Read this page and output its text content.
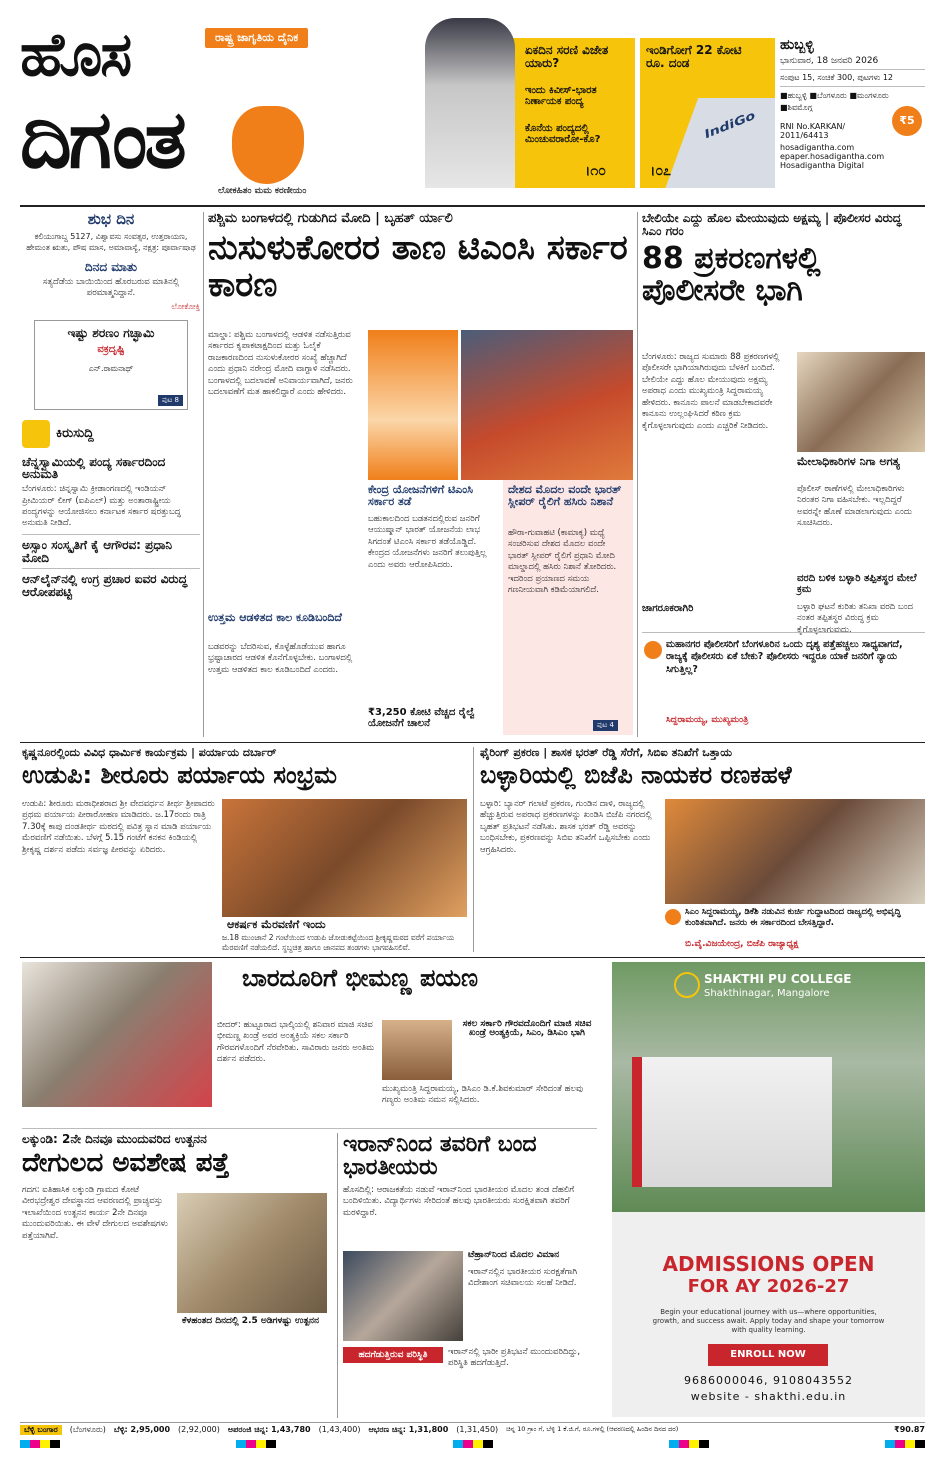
ಹೊಸ	ರಾಷ್ಟ್ರ ಜಾಗೃತಿಯ ದೈನಿಕ
ದಿಗಂತ
ಲೋಕಹಿತಂ ಮಮ ಕರಣೀಯಂ
ಏಕದಿನ ಸರಣಿ ವಿಜೇತ ಯಾರು?
ಇಂದು ಕಿವೀಸ್-ಭಾರತ ನಿರ್ಣಾಯಕ ಪಂದ್ಯ
ಕೊನೆಯ ಪಂದ್ಯದಲ್ಲಿ ಮಿಂಚುವರಾರೋ-ಕೊ?
।೧೦
ಇಂಡಿಗೋಗೆ 22 ಕೋಟಿ ರೂ. ದಂಡ
IndiGo
।೦೭
ಹುಬ್ಬಳ್ಳಿ
ಭಾನುವಾರ, 18 ಜನವರಿ 2026
ಸಂಪುಟ 15, ಸಂಚಿಕೆ 300, ಪುಟಗಳು 12
■ಹುಬ್ಬಳ್ಳಿ ■ಬೆಂಗಳೂರು ■ಮಂಗಳೂರು ■ಶಿವಮೊಗ್ಗ
₹5
RNI No.KARKAN/ 2011/64413
hosadigantha.com
epaper.hosadigantha.com
Hosadigantha Digital
ಶುಭ ದಿನ
ಕಲಿಯುಗಾಬ್ದ 5127, ವಿಶ್ವಾವಸು ಸಂವತ್ಸರ, ಉತ್ತರಾಯಣ, ಹೇಮಂತ ಋತು, ಪೌಷ ಮಾಸ, ಅಮಾವಾಸ್ಯೆ, ನಕ್ಷತ್ರ: ಪೂರ್ವಾಷಾಢ
ದಿನದ ಮಾತು
ಸತ್ಯದೆಡೆಯ ಬಾಯಿಯಿಂದ ಹೊರಬರುವ ಮಾತಿನಲ್ಲಿ ಪರಮಾತ್ಮನಿದ್ದಾನೆ.
ಲೋಕೋಕ್ತಿ
ಇಷ್ಟು ಶರಣಂ ಗಚ್ಛಾಮಿ
ವಕ್ರದೃಷ್ಟಿ
ಎನ್.ರಾಮನಾಥ್
ಪುಟ 8
ಕಿರುಸುದ್ದಿ
ಚೆನ್ನಸ್ವಾಮಿಯಲ್ಲಿ ಪಂದ್ಯ ಸರ್ಕಾರದಿಂದ ಅನುಮತಿ
ಬೆಂಗಳೂರು: ಚಿನ್ನಸ್ವಾಮಿ ಕ್ರೀಡಾಂಗಣದಲ್ಲಿ ಇಂಡಿಯನ್ ಪ್ರೀಮಿಯರ್ ಲೀಗ್ (ಐಪಿಎಲ್) ಮತ್ತು ಅಂತಾರಾಷ್ಟ್ರೀಯ ಪಂದ್ಯಗಳನ್ನು ಆಯೋಜಿಸಲು ಕರ್ನಾಟಕ ಸರ್ಕಾರ ಷರತ್ತುಬದ್ಧ ಅನುಮತಿ ನೀಡಿದೆ.
ಅಸ್ಸಾಂ ಸಂಸ್ಕೃತಿಗೆ ಕೈ ಆಗೌರವ: ಪ್ರಧಾನಿ ಮೋದಿ
ಆನ್‌ಲೈನ್‌ನಲ್ಲಿ ಉಗ್ರ ಪ್ರಚಾರ ಐವರ ವಿರುದ್ಧ ಆರೋಪಪಟ್ಟಿ
ಪಶ್ಚಿಮ ಬಂಗಾಳದಲ್ಲಿ ಗುಡುಗಿದ ಮೋದಿ | ಬೃಹತ್ ರ್ಯಾಲಿ
ನುಸುಳುಕೋರರ ತಾಣ ಟಿಎಂಸಿ ಸರ್ಕಾರ ಕಾರಣ
ಮಾಲ್ಡಾ: ಪಶ್ಚಿಮ ಬಂಗಾಳದಲ್ಲಿ ಆಡಳಿತ ನಡೆಸುತ್ತಿರುವ ಸರ್ಕಾರದ ಕೃಪಾಕಟಾಕ್ಷದಿಂದ ಮತ್ತು ಓಲೈಕೆ ರಾಜಕಾರಣದಿಂದ ನುಸುಳುಕೋರರ ಸಂಖ್ಯೆ ಹೆಚ್ಚಾಗಿದೆ ಎಂದು ಪ್ರಧಾನಿ ನರೇಂದ್ರ ಮೋದಿ ವಾಗ್ದಾಳಿ ನಡೆಸಿದರು. ಬಂಗಾಳದಲ್ಲಿ ಬದಲಾವಣೆ ಅನಿವಾರ್ಯವಾಗಿದೆ, ಜನರು ಬದಲಾವಣೆಗೆ ಮತ ಹಾಕಲಿದ್ದಾರೆ ಎಂದು ಹೇಳಿದರು.
ಕೇಂದ್ರ ಯೋಜನೆಗಳಿಗೆ ಟಿಎಂಸಿ ಸರ್ಕಾರ ತಡೆ
ಬಹುಕಾಲದಿಂದ ಬಡತನದಲ್ಲಿರುವ ಜನರಿಗೆ ಆಯುಷ್ಮಾನ್ ಭಾರತ್ ಯೋಜನೆಯ ಲಾಭ ಸಿಗದಂತೆ ಟಿಎಂಸಿ ಸರ್ಕಾರ ತಡೆಯೊಡ್ಡಿದೆ. ಕೇಂದ್ರದ ಯೋಜನೆಗಳು ಜನರಿಗೆ ತಲುಪುತ್ತಿಲ್ಲ ಎಂದು ಅವರು ಆರೋಪಿಸಿದರು.
ದೇಶದ ಮೊದಲ ವಂದೇ ಭಾರತ್ ಸ್ಲೀಪರ್ ರೈಲಿಗೆ ಹಸಿರು ನಿಶಾನೆ
ಹೌರಾ-ಗುವಾಹಟಿ (ಕಾಮಾಕ್ಯ) ಮಧ್ಯೆ ಸಂಚರಿಸುವ ದೇಶದ ಮೊದಲ ವಂದೇ ಭಾರತ್ ಸ್ಲೀಪರ್ ರೈಲಿಗೆ ಪ್ರಧಾನಿ ಮೋದಿ ಮಾಲ್ಡಾದಲ್ಲಿ ಹಸಿರು ನಿಶಾನೆ ತೋರಿದರು. ಇದರಿಂದ ಪ್ರಯಾಣದ ಸಮಯ ಗಣನೀಯವಾಗಿ ಕಡಿಮೆಯಾಗಲಿದೆ.
ಉತ್ತಮ ಆಡಳಿತದ ಕಾಲ ಕೂಡಿಬಂದಿದೆ
ಬಡವರನ್ನು ಬೆದರಿಸುವ, ಕೊಳ್ಳೆಹೊಡೆಯುವ ಹಾಗೂ ಭ್ರಷ್ಟಾಚಾರದ ಆಡಳಿತ ಕೊನೆಗೊಳ್ಳಬೇಕು. ಬಂಗಾಳದಲ್ಲಿ ಉತ್ತಮ ಆಡಳಿತದ ಕಾಲ ಕೂಡಿಬಂದಿದೆ ಎಂದರು.
₹3,250 ಕೋಟಿ ವೆಚ್ಚದ ರೈಲ್ವೆ ಯೋಜನೆಗೆ ಚಾಲನೆ	ಪುಟ 4
ಬೇಲಿಯೇ ಎದ್ದು ಹೊಲ ಮೇಯುವುದು ಅಕ್ಷಮ್ಯ | ಪೊಲೀಸರ ವಿರುದ್ಧ ಸಿಎಂ ಗರಂ
88 ಪ್ರಕರಣಗಳಲ್ಲಿ ಪೊಲೀಸರೇ ಭಾಗಿ
ಬೆಂಗಳೂರು: ರಾಜ್ಯದ ಸುಮಾರು 88 ಪ್ರಕರಣಗಳಲ್ಲಿ ಪೊಲೀಸರೇ ಭಾಗಿಯಾಗಿರುವುದು ಬೆಳಕಿಗೆ ಬಂದಿದೆ. ಬೇಲಿಯೇ ಎದ್ದು ಹೊಲ ಮೇಯುವುದು ಅಕ್ಷಮ್ಯ ಅಪರಾಧ ಎಂದು ಮುಖ್ಯಮಂತ್ರಿ ಸಿದ್ದರಾಮಯ್ಯ ಹೇಳಿದರು. ಕಾನೂನು ಪಾಲನೆ ಮಾಡಬೇಕಾದವರೇ ಕಾನೂನು ಉಲ್ಲಂಘಿಸಿದರೆ ಕಠಿಣ ಕ್ರಮ ಕೈಗೊಳ್ಳಲಾಗುವುದು ಎಂದು ಎಚ್ಚರಿಕೆ ನೀಡಿದರು.
ಮೇಲಾಧಿಕಾರಿಗಳ ನಿಗಾ ಅಗತ್ಯ
ಪೊಲೀಸ್ ಠಾಣೆಗಳಲ್ಲಿ ಮೇಲಾಧಿಕಾರಿಗಳು ನಿರಂತರ ನಿಗಾ ವಹಿಸಬೇಕು. ಇಲ್ಲದಿದ್ದರೆ ಅವರನ್ನೇ ಹೊಣೆ ಮಾಡಲಾಗುವುದು ಎಂದು ಸೂಚಿಸಿದರು.
ವರದಿ ಬಳಿಕ ಬಳ್ಳಾರಿ ತಪ್ಪಿತಸ್ಥರ ಮೇಲೆ ಕ್ರಮ
ಬಳ್ಳಾರಿ ಘಟನೆ ಕುರಿತು ತನಿಖಾ ವರದಿ ಬಂದ ನಂತರ ತಪ್ಪಿತಸ್ಥರ ವಿರುದ್ಧ ಕ್ರಮ ಕೈಗೊಳ್ಳಲಾಗುವುದು.
ಜಾಗರೂಕರಾಗಿರಿ
ಮಹಾನಗರ ಪೊಲೀಸರಿಗೆ ಬೆಂಗಳೂರಿನ ಒಂದು ದೃಶ್ಯ ಪತ್ತೆಹಚ್ಚಲು ಸಾಧ್ಯವಾಗದೆ, ರಾಜ್ಯಕ್ಕೆ ಪೊಲೀಸರು ಏಕೆ ಬೇಕು? ಪೊಲೀಸರು ಇದ್ದರೂ ಯಾಕೆ ಜನರಿಗೆ ನ್ಯಾಯ ಸಿಗುತ್ತಿಲ್ಲ?
ಸಿದ್ದರಾಮಯ್ಯ, ಮುಖ್ಯಮಂತ್ರಿ
ಕೃಷ್ಣನೂರಲ್ಲಿಂದು ವಿವಿಧ ಧಾರ್ಮಿಕ ಕಾರ್ಯಕ್ರಮ | ಪರ್ಯಾಯ ದರ್ಬಾರ್
ಉಡುಪಿ: ಶೀರೂರು ಪರ್ಯಾಯ ಸಂಭ್ರಮ
ಉಡುಪಿ: ಶೀರೂರು ಮಠಾಧೀಶರಾದ ಶ್ರೀ ವೇದವರ್ಧನ ತೀರ್ಥ ಶ್ರೀಪಾದರು ಪ್ರಥಮ ಪರ್ಯಾಯ ಪೀಠಾರೋಹಣ ಮಾಡಿದರು. ಜ.17ರಂದು ರಾತ್ರಿ 7.30ಕ್ಕೆ ಕಾಪು ದಂಡತೀರ್ಥ ಮಠದಲ್ಲಿ ಪವಿತ್ರ ಸ್ನಾನ ಮಾಡಿ ಪರ್ಯಾಯ ಮೆರವಣಿಗೆ ನಡೆಯಿತು. ಬೆಳಗ್ಗೆ 5.15 ಗಂಟೆಗೆ ಕನಕನ ಕಿಂಡಿಯಲ್ಲಿ ಶ್ರೀಕೃಷ್ಣ ದರ್ಶನ ಪಡೆದು ಸರ್ವಜ್ಞ ಪೀಠವನ್ನು ಏರಿದರು.
ಆಕರ್ಷಕ ಮೆರವಣಿಗೆ ಇಂದು
ಜ.18 ಮುಂಜಾನೆ 2 ಗಂಟೆಯಿಂದ ಉಡುಪಿ ಜೋಡುಕಟ್ಟೆಯಿಂದ ಶ್ರೀಕೃಷ್ಣಮಠದ ವರೆಗೆ ಪರ್ಯಾಯ ಮೆರವಣಿಗೆ ನಡೆಯಲಿದೆ. ಸ್ಥಬ್ಧಚಿತ್ರ ಹಾಗೂ ಜಾನಪದ ತಂಡಗಳು ಭಾಗವಹಿಸಲಿವೆ.
ಫೈರಿಂಗ್ ಪ್ರಕರಣ | ಶಾಸಕ ಭರತ್ ರೆಡ್ಡಿ ಸೆರೆಗೆ, ಸಿಬಿಐ ತನಿಖೆಗೆ ಒತ್ತಾಯ
ಬಳ್ಳಾರಿಯಲ್ಲಿ ಬಿಜೆಪಿ ನಾಯಕರ ರಣಕಹಳೆ
ಬಳ್ಳಾರಿ: ಬ್ಯಾನರ್ ಗಲಾಟೆ ಪ್ರಕರಣ, ಗುಂಡಿನ ದಾಳಿ, ರಾಜ್ಯದಲ್ಲಿ ಹೆಚ್ಚುತ್ತಿರುವ ಅಪರಾಧ ಪ್ರಕರಣಗಳನ್ನು ಖಂಡಿಸಿ ಬಿಜೆಪಿ ನಗರದಲ್ಲಿ ಬೃಹತ್ ಪ್ರತಿಭಟನೆ ನಡೆಸಿತು. ಶಾಸಕ ಭರತ್ ರೆಡ್ಡಿ ಅವರನ್ನು ಬಂಧಿಸಬೇಕು, ಪ್ರಕರಣವನ್ನು ಸಿಬಿಐ ತನಿಖೆಗೆ ಒಪ್ಪಿಸಬೇಕು ಎಂದು ಆಗ್ರಹಿಸಿದರು.
ಸಿಎಂ ಸಿದ್ದರಾಮಯ್ಯ, ಡಿಕೆಶಿ ನಡುವಿನ ಕುರ್ಚಿ ಗುದ್ದಾಟದಿಂದ ರಾಜ್ಯದಲ್ಲಿ ಅಭಿವೃದ್ಧಿ ಕುಂಠಿತವಾಗಿದೆ. ಜನರು ಈ ಸರ್ಕಾರದಿಂದ ಬೇಸತ್ತಿದ್ದಾರೆ.
ಬಿ.ವೈ.ವಿಜಯೇಂದ್ರ, ಬಿಜೆಪಿ ರಾಜ್ಯಾಧ್ಯಕ್ಷ
ಬಾರದೂರಿಗೆ ಭೀಮಣ್ಣ ಪಯಣ
ಬೀದರ್: ಹುಟ್ಟೂರಾದ ಭಾಲ್ಕಿಯಲ್ಲಿ ಶನಿವಾರ ಮಾಜಿ ಸಚಿವ ಭೀಮಣ್ಣ ಖಂಡ್ರೆ ಅವರ ಅಂತ್ಯಕ್ರಿಯೆ ಸಕಲ ಸರ್ಕಾರಿ ಗೌರವಗಳೊಂದಿಗೆ ನೆರವೇರಿತು. ಸಾವಿರಾರು ಜನರು ಅಂತಿಮ ದರ್ಶನ ಪಡೆದರು.
ಸಕಲ ಸರ್ಕಾರಿ ಗೌರವದೊಂದಿಗೆ ಮಾಜಿ ಸಚಿವ ಖಂಡ್ರೆ ಅಂತ್ಯಕ್ರಿಯೆ, ಸಿಎಂ, ಡಿಸಿಎಂ ಭಾಗಿ
ಮುಖ್ಯಮಂತ್ರಿ ಸಿದ್ದರಾಮಯ್ಯ, ಡಿಸಿಎಂ ಡಿ.ಕೆ.ಶಿವಕುಮಾರ್ ಸೇರಿದಂತೆ ಹಲವು ಗಣ್ಯರು ಅಂತಿಮ ನಮನ ಸಲ್ಲಿಸಿದರು.
SHAKTHI PU COLLEGE
Shakthinagar, Mangalore
ADMISSIONS OPEN
FOR AY 2026-27
Begin your educational journey with us—where opportunities, growth, and success await. Apply today and shape your tomorrow with quality learning.
ENROLL NOW
9686000046, 9108043552
website - shakthi.edu.in
ಲಕ್ಕುಂಡಿ: 2ನೇ ದಿನವೂ ಮುಂದುವರಿದ ಉತ್ಖನನ
ದೇಗುಲದ ಅವಶೇಷ ಪತ್ತೆ
ಗದಗ: ಐತಿಹಾಸಿಕ ಲಕ್ಕುಂಡಿ ಗ್ರಾಮದ ಕೋಟೆ ವೀರಭದ್ರೇಶ್ವರ ದೇವಸ್ಥಾನದ ಆವರಣದಲ್ಲಿ ಪ್ರಾಚ್ಯವಸ್ತು ಇಲಾಖೆಯಿಂದ ಉತ್ಖನನ ಕಾರ್ಯ 2ನೇ ದಿನವೂ ಮುಂದುವರಿಯಿತು. ಈ ವೇಳೆ ದೇಗುಲದ ಅವಶೇಷಗಳು ಪತ್ತೆಯಾಗಿವೆ.
ಕೆಳಹಂತದ ದಿನದಲ್ಲಿ 2.5 ಅಡಿಗಳಷ್ಟು ಉತ್ಖನನ
ಇರಾನ್‌ನಿಂದ ತವರಿಗೆ ಬಂದ ಭಾರತೀಯರು
ಹೊಸದಿಲ್ಲಿ: ಆರಾಜಕತೆಯ ನಡುವೆ ಇರಾನ್‌ನಿಂದ ಭಾರತೀಯರ ಮೊದಲ ತಂಡ ದೆಹಲಿಗೆ ಬಂದಿಳಿಯಿತು. ವಿದ್ಯಾರ್ಥಿಗಳು ಸೇರಿದಂತೆ ಹಲವು ಭಾರತೀಯರು ಸುರಕ್ಷಿತವಾಗಿ ತವರಿಗೆ ಮರಳಿದ್ದಾರೆ.
ಟೆಹ್ರಾನ್‌ನಿಂದ ಮೊದಲ ವಿಮಾನ
ಇರಾನ್‌ನಲ್ಲಿನ ಭಾರತೀಯರ ಸುರಕ್ಷತೆಗಾಗಿ ವಿದೇಶಾಂಗ ಸಚಿವಾಲಯ ಸಲಹೆ ನೀಡಿದೆ.
ಹದಗೆಡುತ್ತಿರುವ ಪರಿಸ್ಥಿತಿ	ಇರಾನ್‌ನಲ್ಲಿ ಭಾರೀ ಪ್ರತಿಭಟನೆ ಮುಂದುವರಿದಿದ್ದು, ಪರಿಸ್ಥಿತಿ ಹದಗೆಡುತ್ತಿದೆ.
ಬೆಳ್ಳಿ ಬಂಗಾರ	(ಬೆಂಗಳೂರು) ಬೆಳ್ಳಿ: 2,95,000 (2,92,000) ಅಪರಂಜಿ ಚಿನ್ನ: 1,43,780 (1,43,400) ಆಭರಣ ಚಿನ್ನ: 1,31,800 (1,31,450) ಚಿನ್ನ 10 ಗ್ರಾಂ ಗೆ, ಬೆಳ್ಳಿ 1 ಕೆ.ಜಿ.ಗೆ, ರೂ.ಗಳಲ್ಲಿ (ಆವರಣದಲ್ಲಿ ಹಿಂದಿನ ದಿನದ ದರ)	₹90.87
